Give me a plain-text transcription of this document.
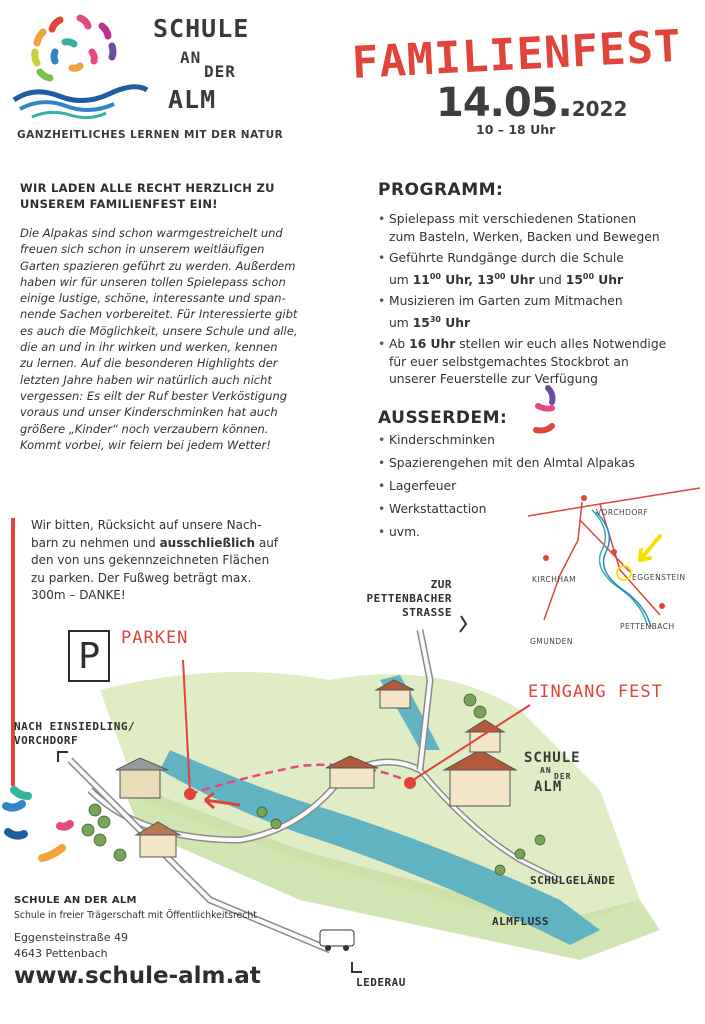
SCHULE
AN
DER
ALM
GANZHEITLICHES LERNEN MIT DER NATUR
FAMILIENFEST
14.05.2022
10 – 18 Uhr
WIR LADEN ALLE RECHT HERZLICH ZU
UNSEREM FAMILIENFEST EIN!
Die Alpakas sind schon warmgestreichelt und
freuen sich schon in unserem weitläufigen
Garten spazieren geführt zu werden. Außerdem
haben wir für unseren tollen Spielepass schon
einige lustige, schöne, interessante und span-
nende Sachen vorbereitet. Für Interessierte gibt
es auch die Möglichkeit, unsere Schule und alle,
die an und in ihr wirken und werken, kennen
zu lernen. Auf die besonderen Highlights der
letzten Jahre haben wir natürlich auch nicht
vergessen: Es eilt der Ruf bester Verköstigung
voraus und unser Kinderschminken hat auch
größere „Kinder“ noch verzaubern können.
Kommt vorbei, wir feiern bei jedem Wetter!
Wir bitten, Rücksicht auf unsere Nach-
barn zu nehmen und ausschließlich auf
den von uns gekennzeichneten Flächen
zu parken. Der Fußweg beträgt max.
300m – DANKE!
PROGRAMM:
• Spielepass mit verschiedenen Stationen
zum Basteln, Werken, Backen und Bewegen
• Geführte Rundgänge durch die Schule
um $11^{00}$ Uhr, $13^{00}$ Uhr und $15^{00}$ Uhr
• Musizieren im Garten zum Mitmachen
um $15^{30}$ Uhr
• Ab 16 Uhr stellen wir euch alles Notwendige
für euer selbstgemachtes Stockbrot an
unserer Feuerstelle zur Verfügung
AUSSERDEM:
• Kinderschminken
• Spazierengehen mit den Almtal Alpakas
• Lagerfeuer
• Werkstattaction
• uvm.
VORCHDORF
KIRCHHAM	EGGENSTEIN
GMUNDEN
PETTENBACH
P PARKEN
EINGANG FEST
ZUR
PETTENBACHER
STRASSE
NACH EINSIEDLING/
VORCHDORF
SCHULE
AN
DER
ALM
SCHULGELÄNDE
ALMFLUSS
LEDERAU
SCHULE AN DER ALM
Schule in freier Trägerschaft mit Öffentlichkeitsrecht
Eggensteinstraße 49
4643 Pettenbach
www.schule-alm.at
